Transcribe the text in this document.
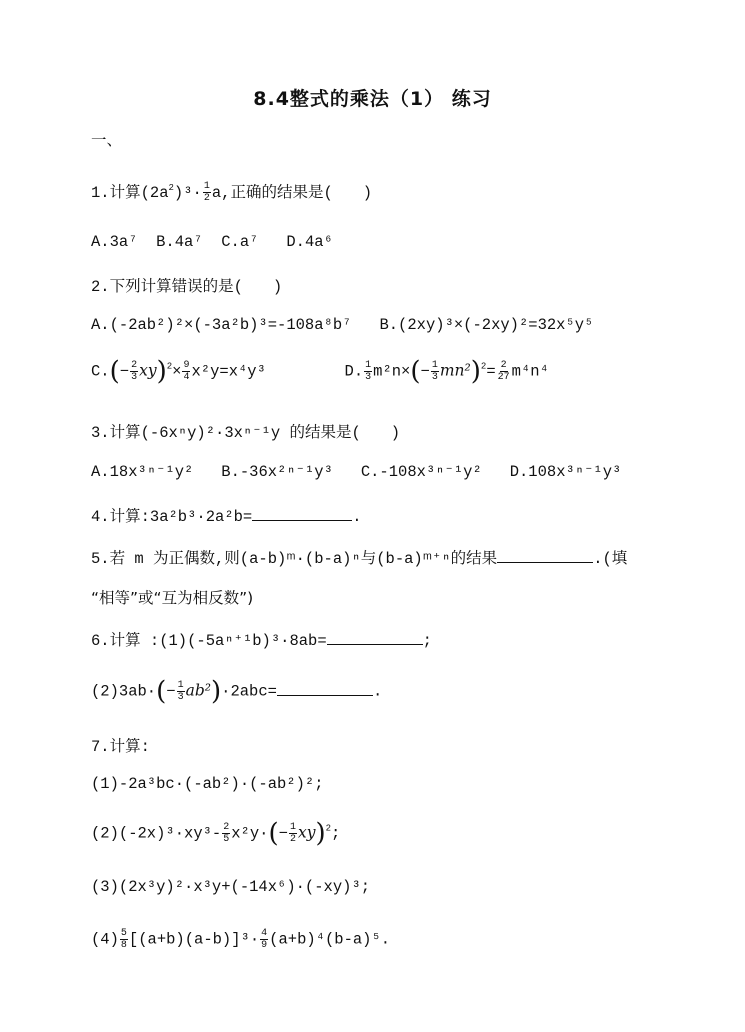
8.4整式的乘法（1） 练习
一、
1.计算$(2a^2)^3\cdot \frac{1}{2} a$,正确的结果是( )
A.3a⁷ B.4a⁷ C.a⁷ D.4a⁶
2.下列计算错误的是( )
A.(-2ab²)²×(-3a²b)³=-108a⁸b⁷ B.(2xy)³×(-2xy)²=32x⁵y⁵
$C.(- \frac{2}{3} xy)^2\times \frac{9}{4} x^2y=x^4y^3$	D. $\frac{1}{3} m^2n\times(- \frac{1}{3} mn^2)^2= \frac{2}{27} m^4n^4$
3.计算(-6xⁿy)²·3xⁿ⁻¹y 的结果是( )
A.18x³ⁿ⁻¹y² B.-36x²ⁿ⁻¹y³ C.-108x³ⁿ⁻¹y² D.108x³ⁿ⁻¹y³
4.计算:3a²b³·2a²b=	.
5.若 m 为正偶数,则(a-b)ᵐ·(b-a)ⁿ与(b-a)ᵐ⁺ⁿ的结果	.(填
“相等”或“互为相反数”)
6.计算 :(1)(-5aⁿ⁺¹b)³·8ab=	;
$(2)3ab\cdot(- \frac{1}{3} ab^2)\cdot 2abc=$	.
7.计算:
(1)-2a³bc·(-ab²)·(-ab²)²;
$(2)(-2x)^3\cdot xy^3- \frac{2}{5} x^2y\cdot(- \frac{1}{2} xy)^2$;
(3)(2x³y)²·x³y+(-14x⁶)·(-xy)³;
$(4) \frac{5}{8} [(a+b)(a-b)]^3\cdot \frac{4}{9} (a+b)^4(b-a)^5$.
